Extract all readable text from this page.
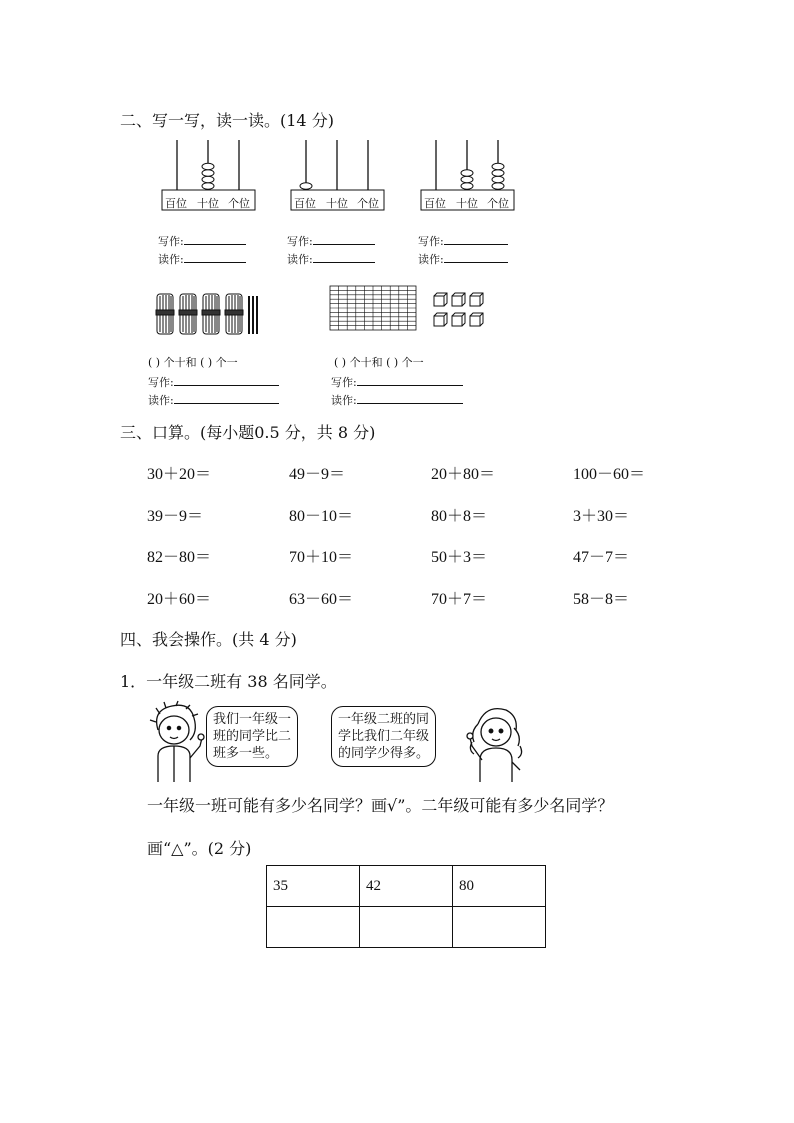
二、写一写，读一读。(14 分)
百位 十位 个位	百位 十位 个位	百位 十位 个位
写作:
读作:
写作:
读作:
写作:
读作:
( ) 个十和 ( ) 个一
写作:
读作:
( ) 个十和 ( ) 个一
写作:
读作:
三、口算。(每小题0.5 分，共 8 分)
30＋20＝	49－9＝	20＋80＝	100－60＝
39－9＝	80－10＝	80＋8＝	3＋30＝
82－80＝	70＋10＝	50＋3＝	47－7＝
20＋60＝	63－60＝	70＋7＝	58－8＝
四、我会操作。(共 4 分)
1．一年级二班有 38 名同学。
我们一年级一
班的同学比二
班多一些。
一年级二班的同
学比我们二年级
的同学少得多。
一年级一班可能有多少名同学？画√”。二年级可能有多少名同学？
画“△”。(2 分)
35	42	80
